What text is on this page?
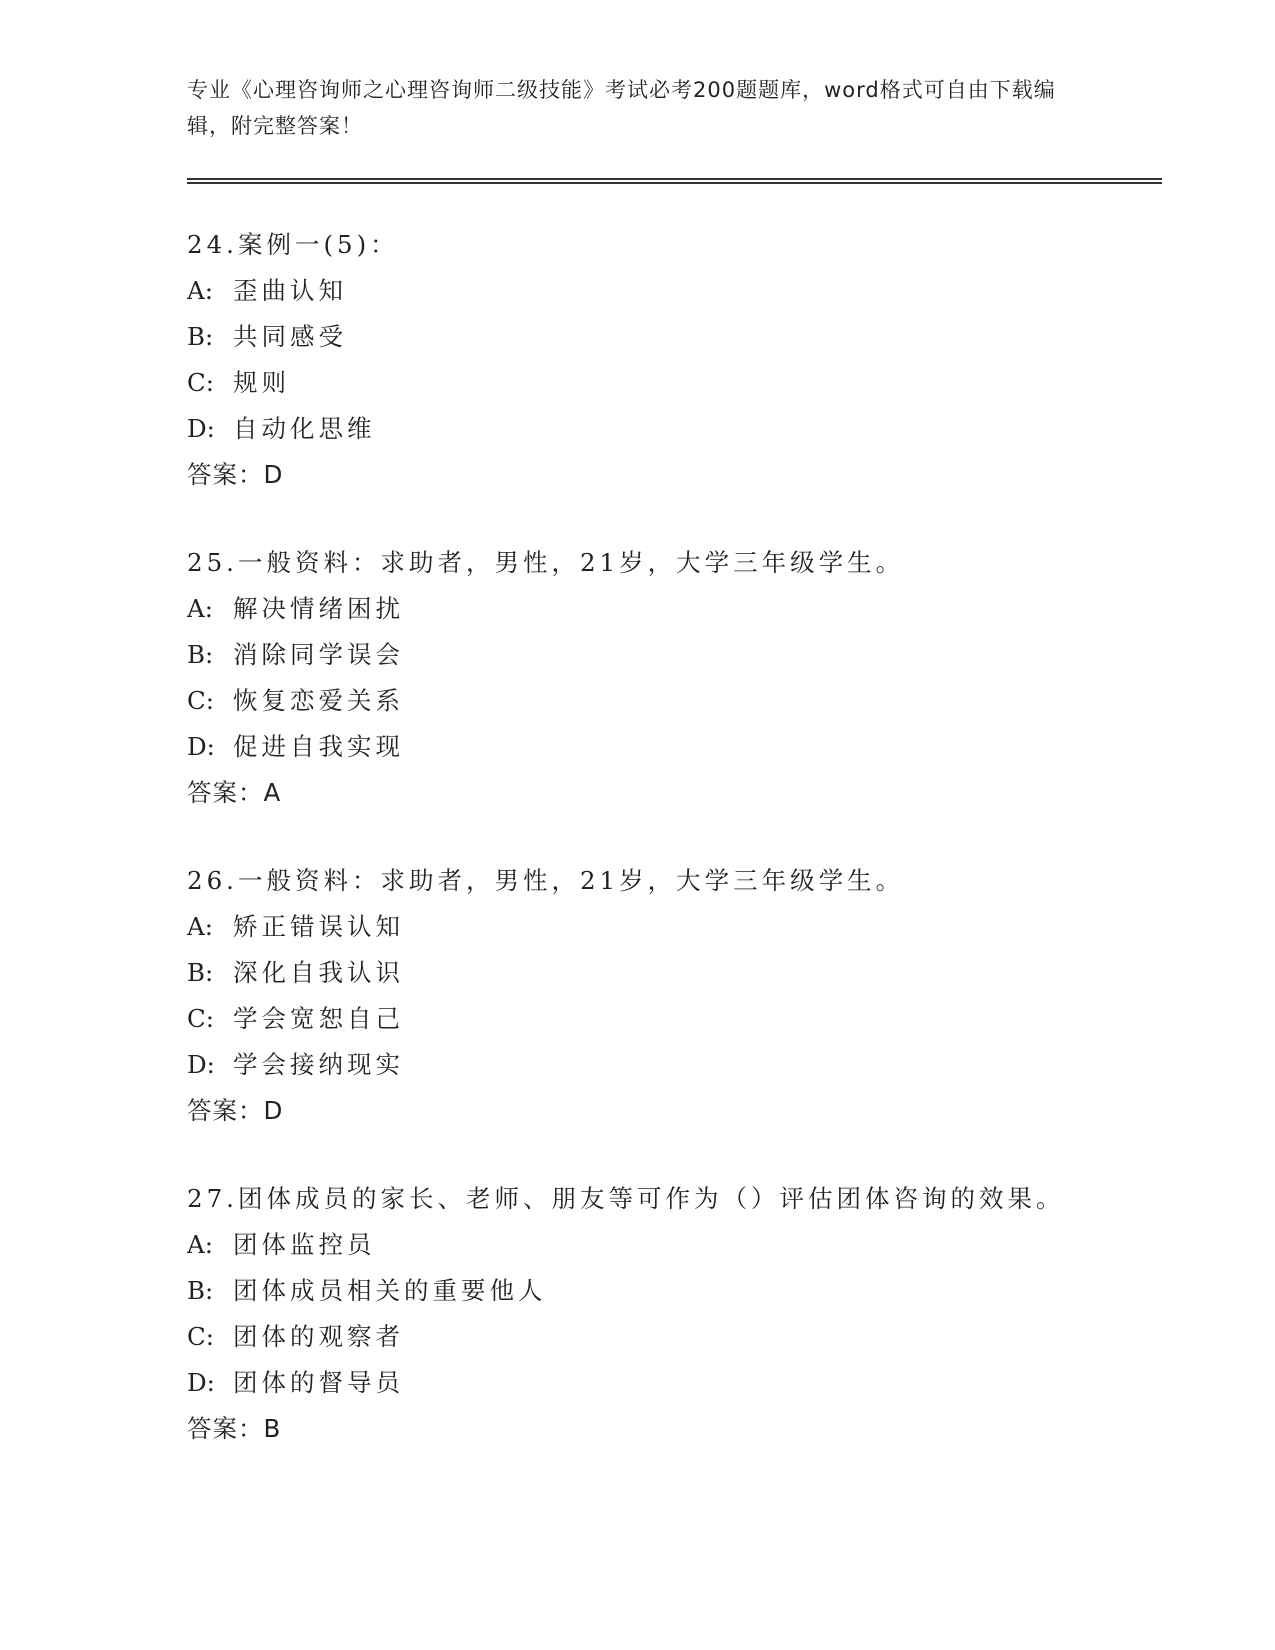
专业《心理咨询师之心理咨询师二级技能》考试必考200题题库，word格式可自由下载编辑，附完整答案！
24.案例一(5)：
A: 歪曲认知
B: 共同感受
C: 规则
D: 自动化思维
答案：D
25.一般资料：求助者，男性，21岁，大学三年级学生。
A: 解决情绪困扰
B: 消除同学误会
C: 恢复恋爱关系
D: 促进自我实现
答案：A
26.一般资料：求助者，男性，21岁，大学三年级学生。
A: 矫正错误认知
B: 深化自我认识
C: 学会宽恕自己
D: 学会接纳现实
答案：D
27.团体成员的家长、老师、朋友等可作为（）评估团体咨询的效果。
A: 团体监控员
B: 团体成员相关的重要他人
C: 团体的观察者
D: 团体的督导员
答案：B
